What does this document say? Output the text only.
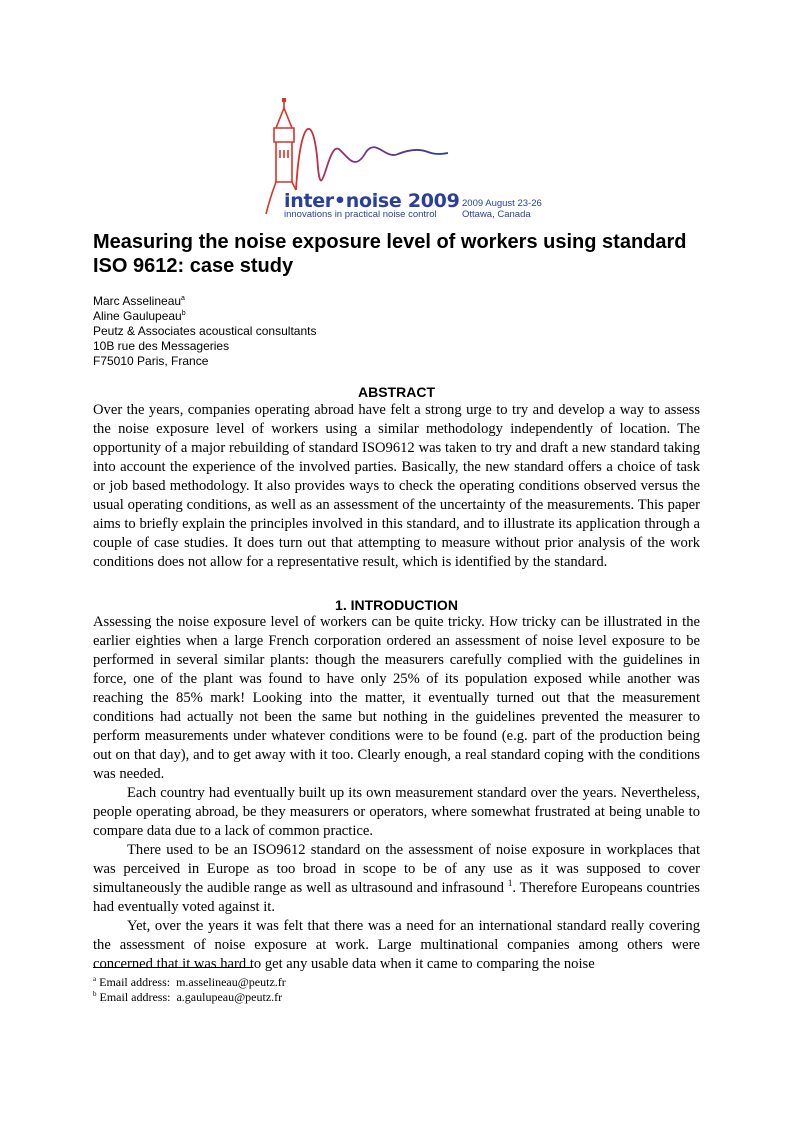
inter•noise 2009
innovations in practical noise control
2009 August 23-26
Ottawa, Canada
Measuring the noise exposure level of workers using standard ISO 9612: case study
Marc Asselineau$^a$
Aline Gaulupeau$^b$
Peutz & Associates acoustical consultants
10B rue des Messageries
F75010 Paris, France
ABSTRACT

Over the years, companies operating abroad have felt a strong urge to try and develop a way to assess the noise exposure level of workers using a similar methodology independently of location. The opportunity of a major rebuilding of standard ISO9612 was taken to try and draft a new standard taking into account the experience of the involved parties. Basically, the new standard offers a choice of task or job based methodology. It also provides ways to check the operating conditions observed versus the usual operating conditions, as well as an assessment of the uncertainty of the measurements. This paper aims to briefly explain the principles involved in this standard, and to illustrate its application through a couple of case studies. It does turn out that attempting to measure without prior analysis of the work conditions does not allow for a representative result, which is identified by the standard.

1. INTRODUCTION

Assessing the noise exposure level of workers can be quite tricky. How tricky can be illustrated in the earlier eighties when a large French corporation ordered an assessment of noise level exposure to be performed in several similar plants: though the measurers carefully complied with the guidelines in force, one of the plant was found to have only 25% of its population exposed while another was reaching the 85% mark! Looking into the matter, it eventually turned out that the measurement conditions had actually not been the same but nothing in the guidelines prevented the measurer to perform measurements under whatever conditions were to be found (e.g. part of the production being out on that day), and to get away with it too. Clearly enough, a real standard coping with the conditions was needed.

Each country had eventually built up its own measurement standard over the years. Nevertheless, people operating abroad, be they measurers or operators, where somewhat frustrated at being unable to compare data due to a lack of common practice.

There used to be an ISO9612 standard on the assessment of noise exposure in workplaces that was perceived in Europe as too broad in scope to be of any use as it was supposed to cover simultaneously the audible range as well as ultrasound and infrasound $^1$. Therefore Europeans countries had eventually voted against it.

Yet, over the years it was felt that there was a need for an international standard really covering the assessment of noise exposure at work. Large multinational companies among others were concerned that it was hard to get any usable data when it came to comparing the noise

$^a$ Email address: m.asselineau@peutz.fr
$^b$ Email address: a.gaulupeau@peutz.fr
